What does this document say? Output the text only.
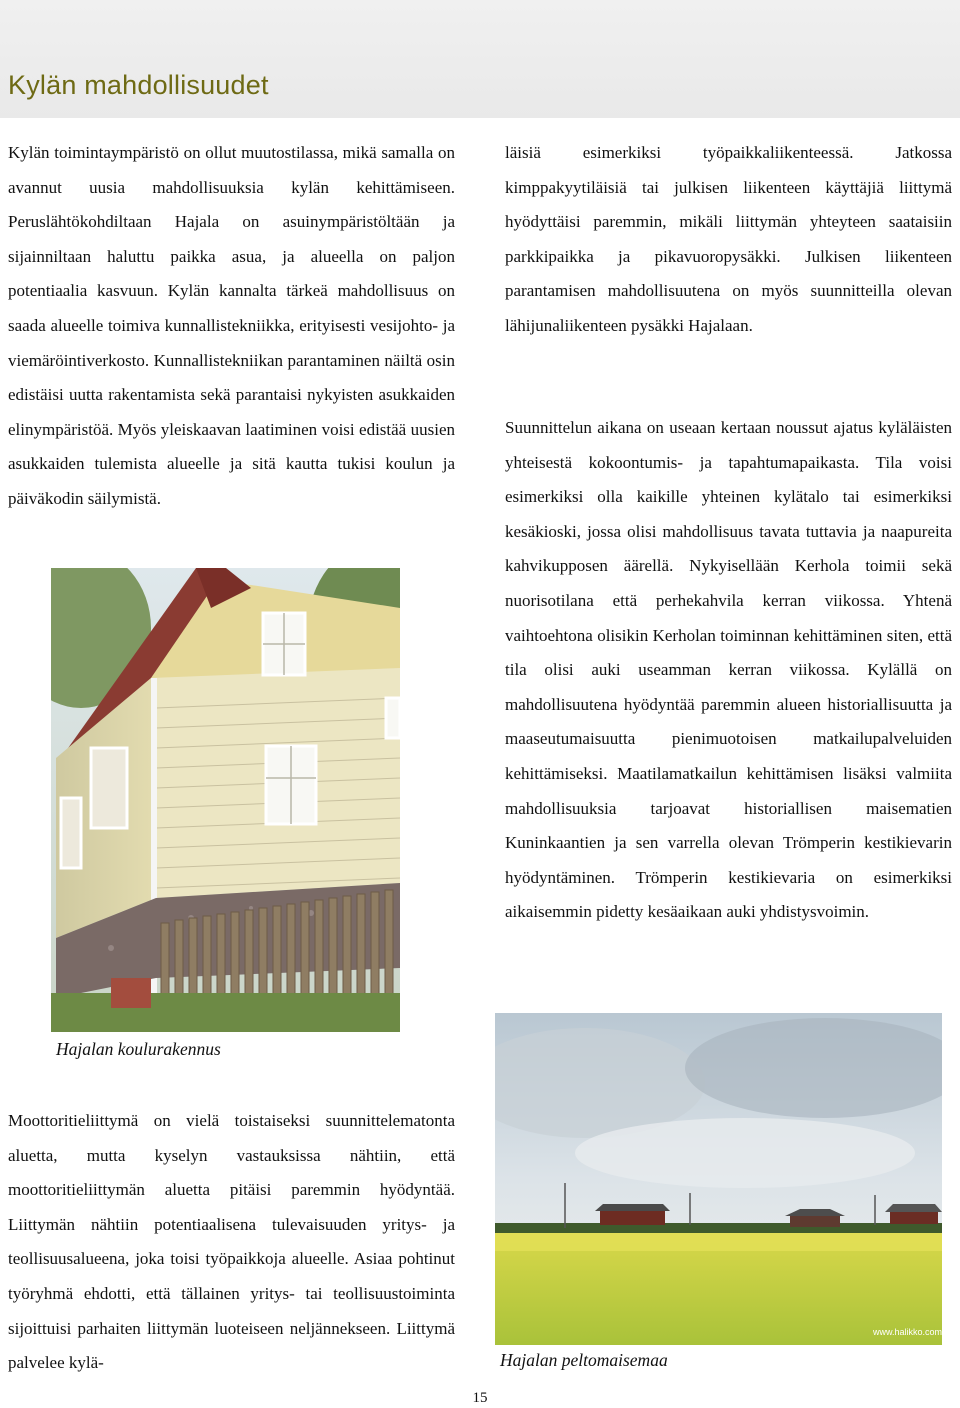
Kylän mahdollisuudet

Kylän toimintaympäristö on ollut muutostilassa, mikä samalla on avannut uusia mahdollisuuksia kylän kehittämiseen. Peruslähtökohdiltaan Hajala on asuinympäristöltään ja sijainniltaan haluttu paikka asua, ja alueella on paljon potentiaalia kasvuun. Kylän kannalta tärkeä mahdollisuus on saada alueelle toimiva kunnallistekniikka, erityisesti vesijohto- ja viemäröintiverkosto. Kunnallistekniikan parantaminen näiltä osin edistäisi uutta rakentamista sekä parantaisi nykyisten asukkaiden elinympäristöä. Myös yleiskaavan laatiminen voisi edistää uusien asukkaiden tulemista alueelle ja sitä kautta tukisi koulun ja päiväkodin säilymistä.

Hajalan koulurakennus

Moottoritieliittymä on vielä toistaiseksi suunnittelematonta aluetta, mutta kyselyn vastauksissa nähtiin, että moottoritieliittymän aluetta pitäisi paremmin hyödyntää. Liittymän nähtiin potentiaalisena tulevaisuuden yritys- ja teollisuusalueena, joka toisi työpaikkoja alueelle. Asiaa pohtinut työryhmä ehdotti, että tällainen yritys- tai teollisuustoiminta sijoittuisi parhaiten liittymän luoteiseen neljännekseen. Liittymä palvelee kylä-

läisiä esimerkiksi työpaikkaliikenteessä. Jatkossa kimppakyytiläisiä tai julkisen liikenteen käyttäjiä liittymä hyödyttäisi paremmin, mikäli liittymän yhteyteen saataisiin parkkipaikka ja pikavuoropysäkki. Julkisen liikenteen parantamisen mahdollisuutena on myös suunnitteilla olevan lähijunaliikenteen pysäkki Hajalaan.

Suunnittelun aikana on useaan kertaan noussut ajatus kyläläisten yhteisestä kokoontumis- ja tapahtumapaikasta. Tila voisi esimerkiksi olla kaikille yhteinen kylätalo tai esimerkiksi kesäkioski, jossa olisi mahdollisuus tavata tuttavia ja naapureita kahvikupposen äärellä. Nykyisellään Kerhola toimii sekä nuorisotilana että perhekahvila kerran viikossa. Yhtenä vaihtoehtona olisikin Kerholan toiminnan kehittäminen siten, että tila olisi auki useamman kerran viikossa. Kylällä on mahdollisuutena hyödyntää paremmin alueen historiallisuutta ja maaseutumaisuutta pienimuotoisen matkailupalveluiden kehittämiseksi. Maatilamatkailun kehittämisen lisäksi valmiita mahdollisuuksia tarjoavat historiallisen maisematien Kuninkaantien ja sen varrella olevan Trömperin kestikievarin hyödyntäminen. Trömperin kestikievaria on esimerkiksi aikaisemmin pidetty kesäaikaan auki yhdistysvoimin.

www.halikko.com

Hajalan peltomaisemaa

15
